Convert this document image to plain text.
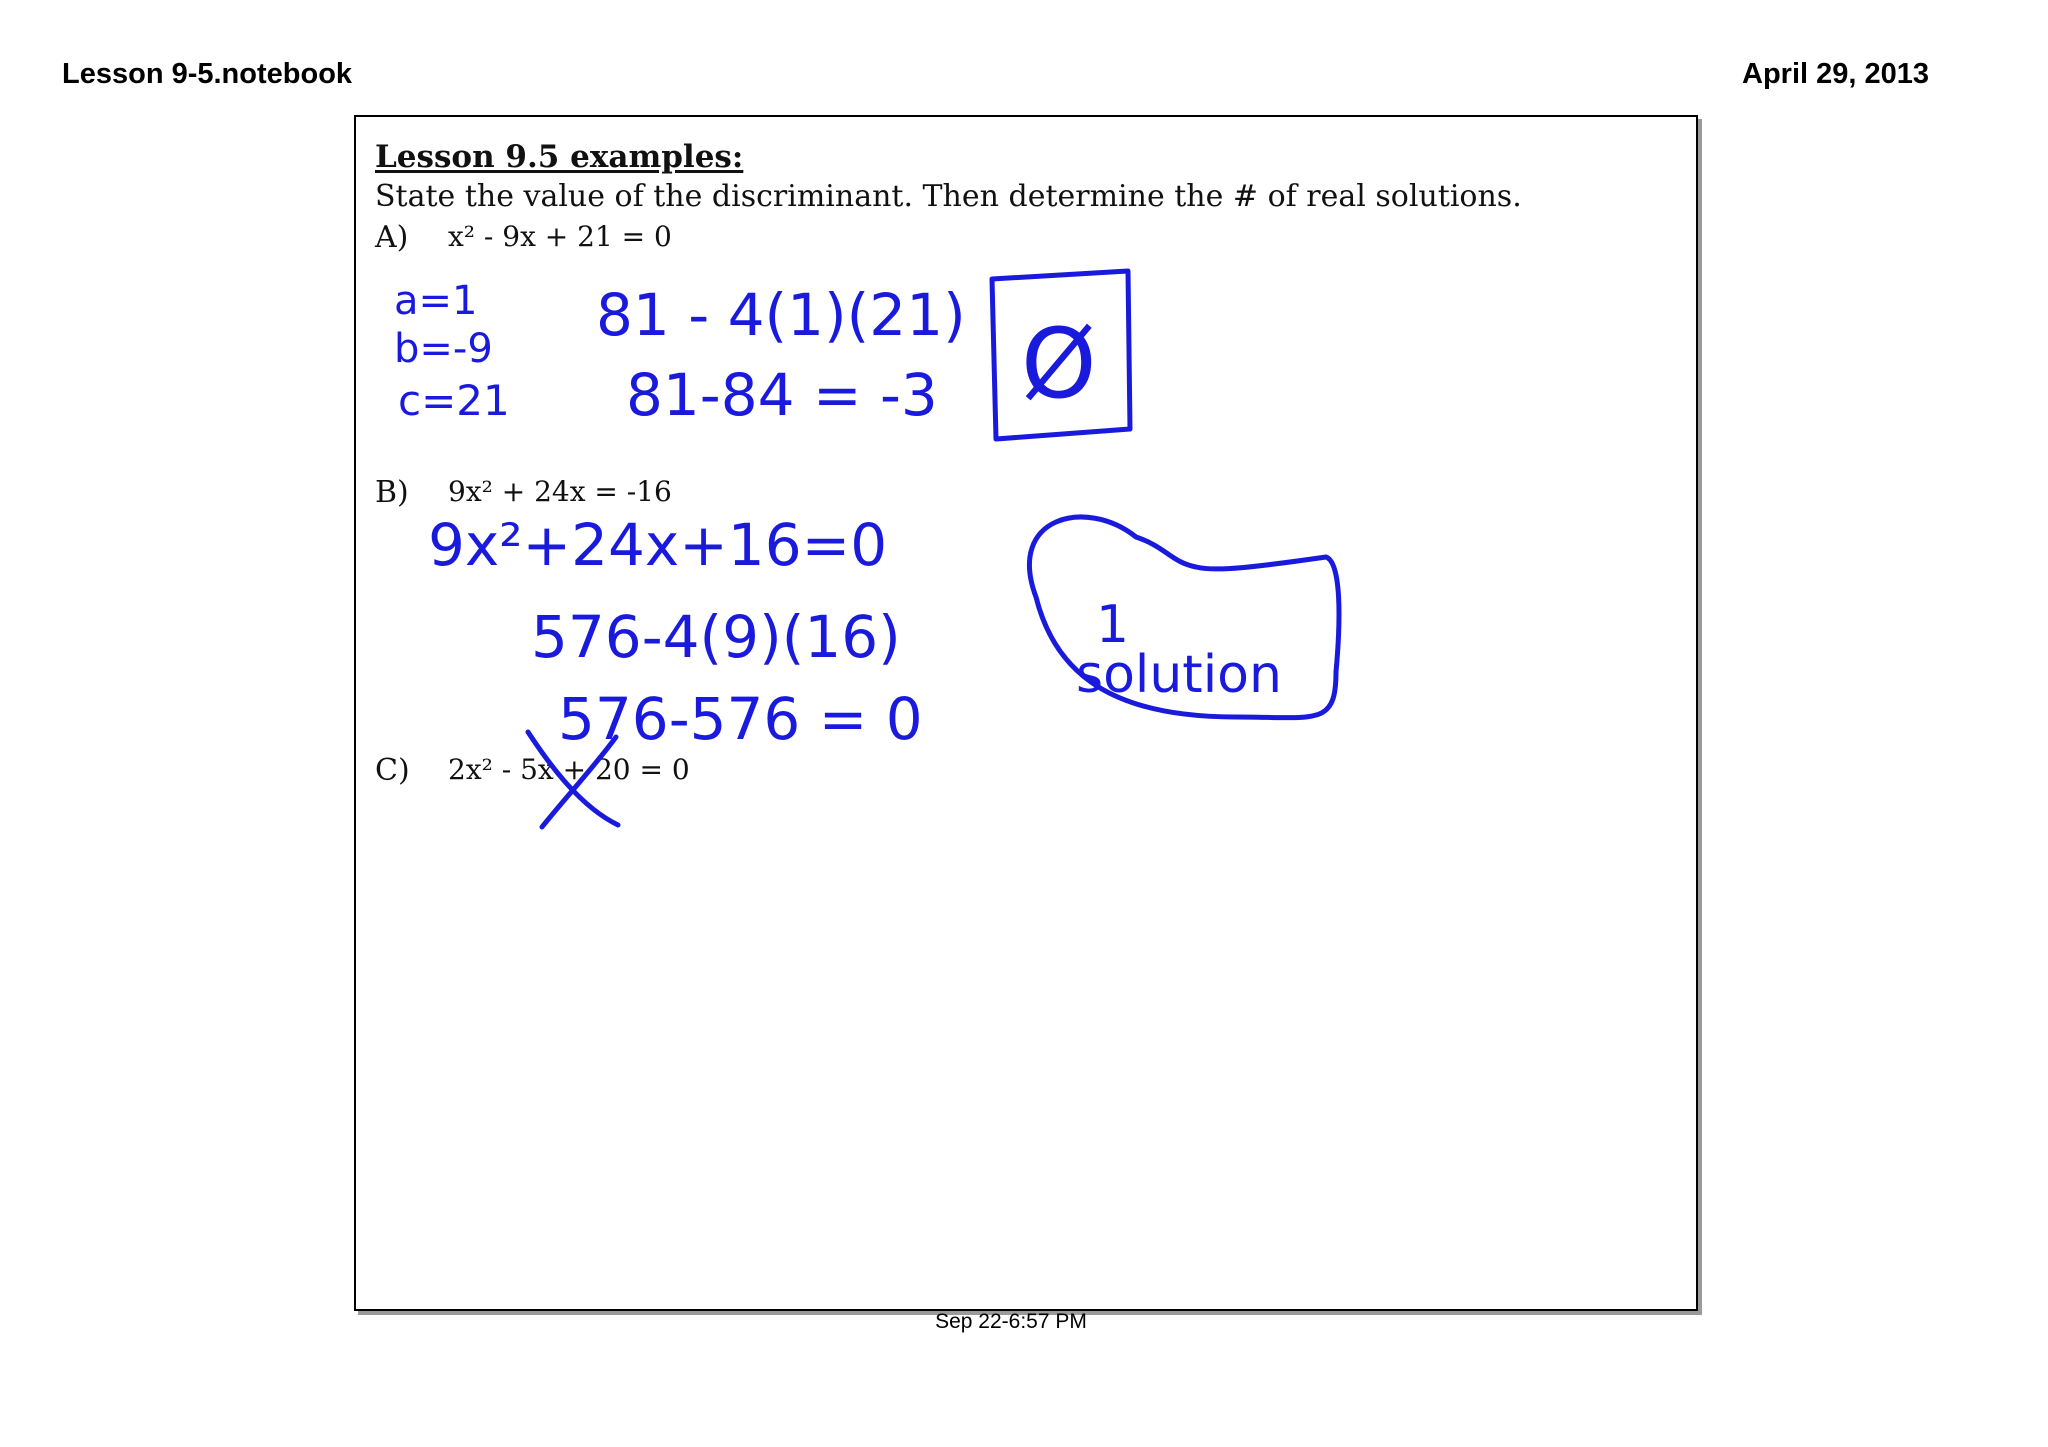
Lesson 9-5.notebook	April 29, 2013
Lesson 9.5 examples:
State the value of the discriminant. Then determine the # of real solutions.
A) x² - 9x + 21 = 0
B) 9x² + 24x = -16
C) 2x² - 5x + 20 = 0
a=1
b=-9
c=21
81 - 4(1)(21)
81-84 = -3 Ø
9x²+24x+16=0
576-4(9)(16)
576-576 = 0
1
solution
Sep 22-6:57 PM
